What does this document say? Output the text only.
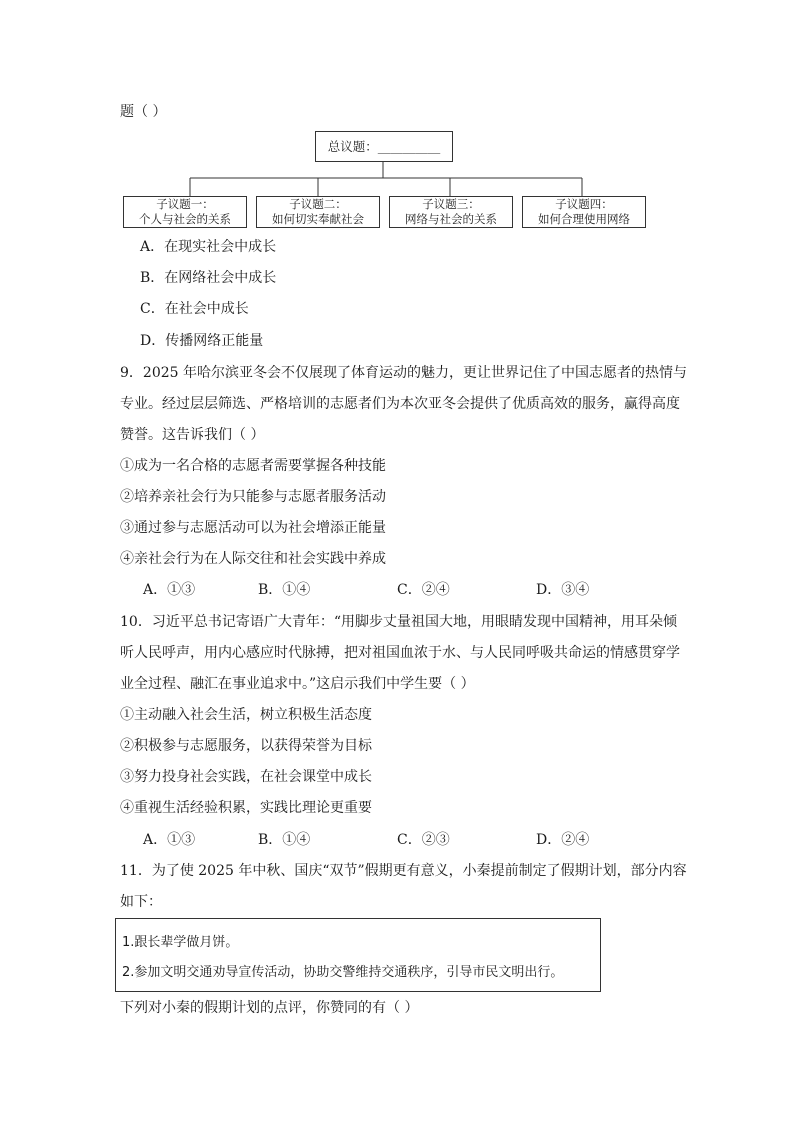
题（ ）
总议题：__________
子议题一：
个人与社会的关系
子议题二：
如何切实奉献社会
子议题三：
网络与社会的关系
子议题四：
如何合理使用网络
A．在现实社会中成长
B．在网络社会中成长
C．在社会中成长
D．传播网络正能量
9．2025 年哈尔滨亚冬会不仅展现了体育运动的魅力，更让世界记住了中国志愿者的热情与
专业。经过层层筛选、严格培训的志愿者们为本次亚冬会提供了优质高效的服务，赢得高度
赞誉。这告诉我们（ ）
①成为一名合格的志愿者需要掌握各种技能
②培养亲社会行为只能参与志愿者服务活动
③通过参与志愿活动可以为社会增添正能量
④亲社会行为在人际交往和社会实践中养成
A．①③	B．①④	C．②④	D．③④
10．习近平总书记寄语广大青年：“用脚步丈量祖国大地，用眼睛发现中国精神，用耳朵倾
听人民呼声，用内心感应时代脉搏，把对祖国血浓于水、与人民同呼吸共命运的情感贯穿学
业全过程、融汇在事业追求中。”这启示我们中学生要（ ）
①主动融入社会生活，树立积极生活态度
②积极参与志愿服务，以获得荣誉为目标
③努力投身社会实践，在社会课堂中成长
④重视生活经验积累，实践比理论更重要
A．①③	B．①④	C．②③	D．②④
11．为了使 2025 年中秋、国庆“双节”假期更有意义，小秦提前制定了假期计划，部分内容
如下：
1.跟长辈学做月饼。
2.参加文明交通劝导宣传活动，协助交警维持交通秩序，引导市民文明出行。
下列对小秦的假期计划的点评，你赞同的有（ ）
